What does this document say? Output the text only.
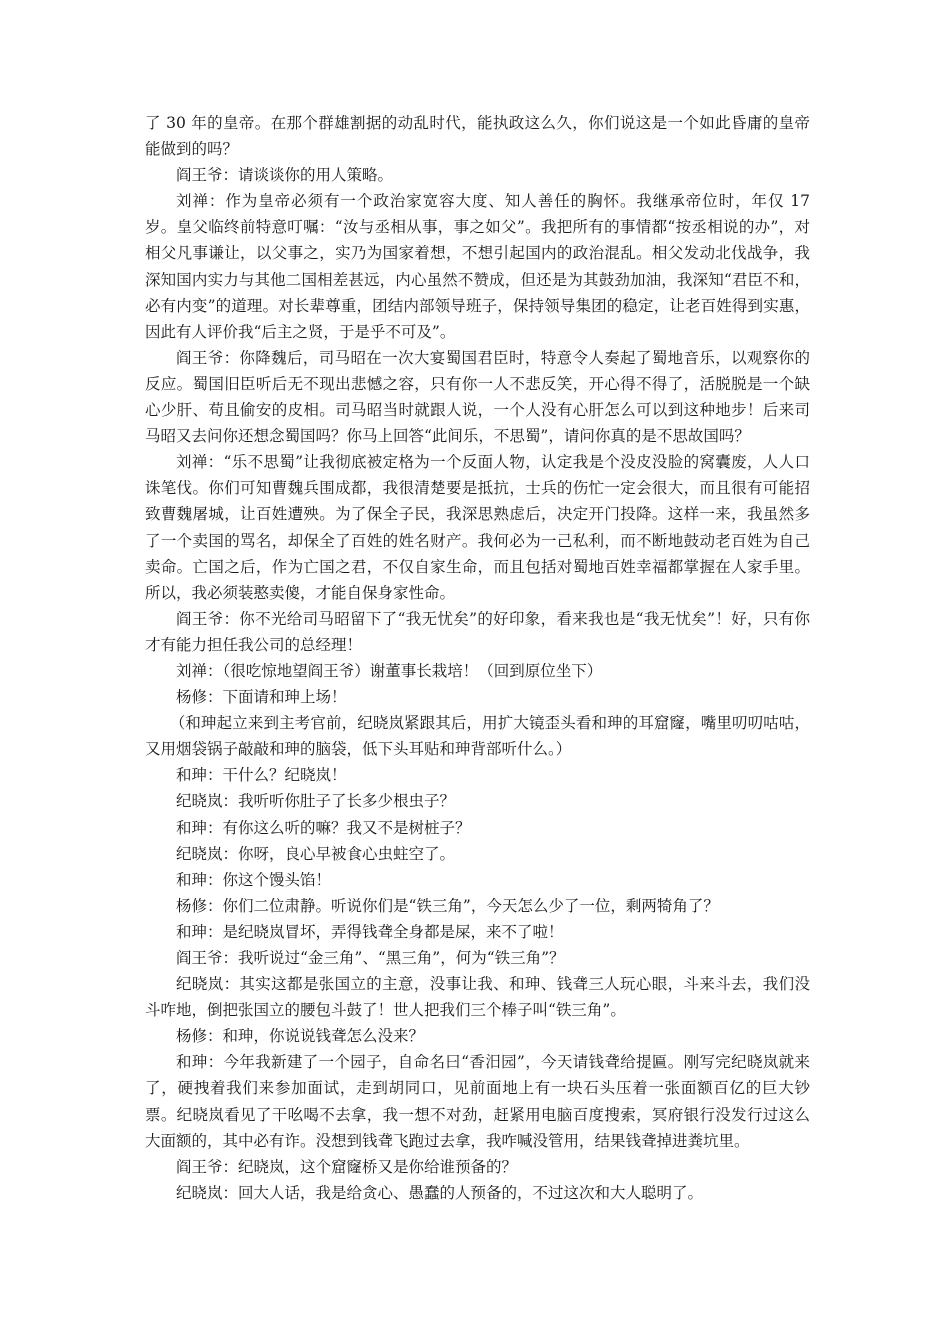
了 30 年的皇帝。在那个群雄割据的动乱时代，能执政这么久，你们说这是一个如此昏庸的皇帝能做到的吗？

阎王爷：请谈谈你的用人策略。

刘禅：作为皇帝必须有一个政治家宽容大度、知人善任的胸怀。我继承帝位时，年仅 17 岁。皇父临终前特意叮嘱：“汝与丞相从事，事之如父”。我把所有的事情都“按丞相说的办”，对相父凡事谦让，以父事之，实乃为国家着想，不想引起国内的政治混乱。相父发动北伐战争，我深知国内实力与其他二国相差甚远，内心虽然不赞成，但还是为其鼓劲加油，我深知“君臣不和，必有内变”的道理。对长辈尊重，团结内部领导班子，保持领导集团的稳定，让老百姓得到实惠，因此有人评价我“后主之贤，于是乎不可及”。

阎王爷：你降魏后，司马昭在一次大宴蜀国君臣时，特意令人奏起了蜀地音乐，以观察你的反应。蜀国旧臣听后无不现出悲憾之容，只有你一人不悲反笑，开心得不得了，活脱脱是一个缺心少肝、苟且偷安的皮相。司马昭当时就跟人说，一个人没有心肝怎么可以到这种地步！后来司马昭又去问你还想念蜀国吗？你马上回答“此间乐，不思蜀”，请问你真的是不思故国吗？

刘禅：“乐不思蜀”让我彻底被定格为一个反面人物，认定我是个没皮没脸的窝囊废，人人口诛笔伐。你们可知曹魏兵围成都，我很清楚要是抵抗，士兵的伤忙一定会很大，而且很有可能招致曹魏屠城，让百姓遭殃。为了保全子民，我深思熟虑后，决定开门投降。这样一来，我虽然多了一个卖国的骂名，却保全了百姓的姓名财产。我何必为一己私利，而不断地鼓动老百姓为自己卖命。亡国之后，作为亡国之君，不仅自家生命，而且包括对蜀地百姓幸福都掌握在人家手里。所以，我必须装憨卖傻，才能自保身家性命。

阎王爷：你不光给司马昭留下了“我无忧矣”的好印象，看来我也是“我无忧矣”！好，只有你才有能力担任我公司的总经理！

刘禅：（很吃惊地望阎王爷）谢董事长栽培！（回到原位坐下）

杨修：下面请和珅上场！

（和珅起立来到主考官前，纪晓岚紧跟其后，用扩大镜歪头看和珅的耳窟窿，嘴里叨叨咕咕，又用烟袋锅子敲敲和珅的脑袋，低下头耳贴和珅背部听什么。）

和珅：干什么？纪晓岚！

纪晓岚：我听听你肚子了长多少根虫子？

和珅：有你这么听的嘛？我又不是树桩子？

纪晓岚：你呀，良心早被食心虫蛀空了。

和珅：你这个馒头馅！

杨修：你们二位肃静。听说你们是“铁三角”，今天怎么少了一位，剩两犄角了？

和珅：是纪晓岚冒坏，弄得钱聋全身都是屎，来不了啦！

阎王爷：我听说过“金三角”、“黑三角”，何为“铁三角”？

纪晓岚：其实这都是张国立的主意，没事让我、和珅、钱聋三人玩心眼，斗来斗去，我们没斗咋地，倒把张国立的腰包斗鼓了！世人把我们三个棒子叫“铁三角”。

杨修：和珅，你说说钱聋怎么没来？

和珅：今年我新建了一个园子，自命名曰“香汨园”，今天请钱聋给提匾。刚写完纪晓岚就来了，硬拽着我们来参加面试，走到胡同口，见前面地上有一块石头压着一张面额百亿的巨大钞票。纪晓岚看见了干吆喝不去拿，我一想不对劲，赶紧用电脑百度搜索，冥府银行没发行过这么大面额的，其中必有诈。没想到钱聋飞跑过去拿，我咋喊没管用，结果钱聋掉进粪坑里。

阎王爷：纪晓岚，这个窟窿桥又是你给谁预备的？

纪晓岚：回大人话，我是给贪心、愚蠢的人预备的，不过这次和大人聪明了。
